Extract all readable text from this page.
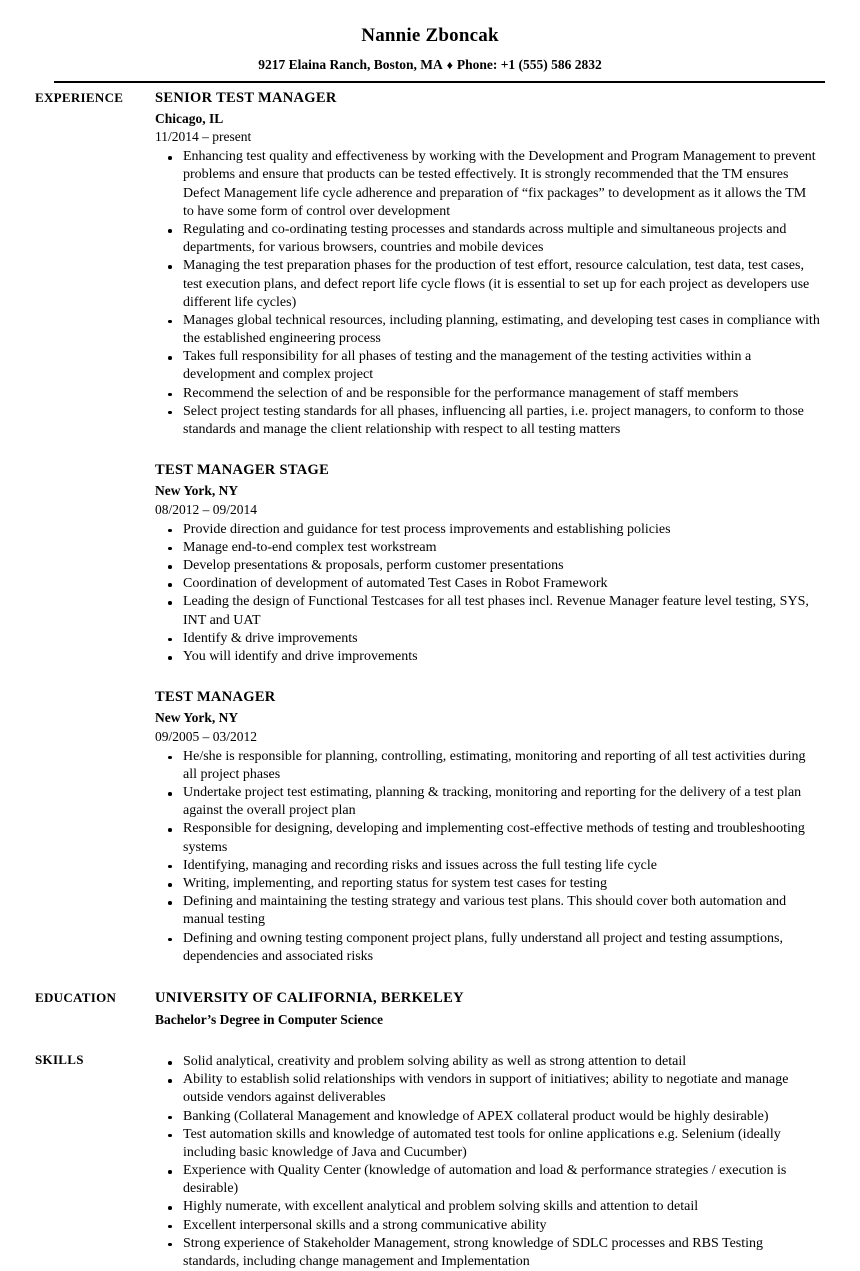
Nannie Zboncak
9217 Elaina Ranch, Boston, MA ♦ Phone: +1 (555) 586 2832
EXPERIENCE	SENIOR TEST MANAGER
Chicago, IL
11/2014 – present
Enhancing test quality and effectiveness by working with the Development and Program Management to prevent problems and ensure that products can be tested effectively. It is strongly recommended that the TM ensures Defect Management life cycle adherence and preparation of “fix packages” to development as it allows the TM to have some form of control over development
Regulating and co-ordinating testing processes and standards across multiple and simultaneous projects and departments, for various browsers, countries and mobile devices
Managing the test preparation phases for the production of test effort, resource calculation, test data, test cases, test execution plans, and defect report life cycle flows (it is essential to set up for each project as developers use different life cycles)
Manages global technical resources, including planning, estimating, and developing test cases in compliance with the established engineering process
Takes full responsibility for all phases of testing and the management of the testing activities within a development and complex project
Recommend the selection of and be responsible for the performance management of staff members
Select project testing standards for all phases, influencing all parties, i.e. project managers, to conform to those standards and manage the client relationship with respect to all testing matters
TEST MANAGER STAGE
New York, NY
08/2012 – 09/2014
Provide direction and guidance for test process improvements and establishing policies
Manage end-to-end complex test workstream
Develop presentations & proposals, perform customer presentations
Coordination of development of automated Test Cases in Robot Framework
Leading the design of Functional Testcases for all test phases incl. Revenue Manager feature level testing, SYS, INT and UAT
Identify & drive improvements
You will identify and drive improvements
TEST MANAGER
New York, NY
09/2005 – 03/2012
He/she is responsible for planning, controlling, estimating, monitoring and reporting of all test activities during all project phases
Undertake project test estimating, planning & tracking, monitoring and reporting for the delivery of a test plan against the overall project plan
Responsible for designing, developing and implementing cost-effective methods of testing and troubleshooting systems
Identifying, managing and recording risks and issues across the full testing life cycle
Writing, implementing, and reporting status for system test cases for testing
Defining and maintaining the testing strategy and various test plans. This should cover both automation and manual testing
Defining and owning testing component project plans, fully understand all project and testing assumptions, dependencies and associated risks
EDUCATION	UNIVERSITY OF CALIFORNIA, BERKELEY
Bachelor’s Degree in Computer Science
SKILLS	Solid analytical, creativity and problem solving ability as well as strong attention to detail
Ability to establish solid relationships with vendors in support of initiatives; ability to negotiate and manage outside vendors against deliverables
Banking (Collateral Management and knowledge of APEX collateral product would be highly desirable)
Test automation skills and knowledge of automated test tools for online applications e.g. Selenium (ideally including basic knowledge of Java and Cucumber)
Experience with Quality Center (knowledge of automation and load & performance strategies / execution is desirable)
Highly numerate, with excellent analytical and problem solving skills and attention to detail
Excellent interpersonal skills and a strong communicative ability
Strong experience of Stakeholder Management, strong knowledge of SDLC processes and RBS Testing standards, including change management and Implementation
